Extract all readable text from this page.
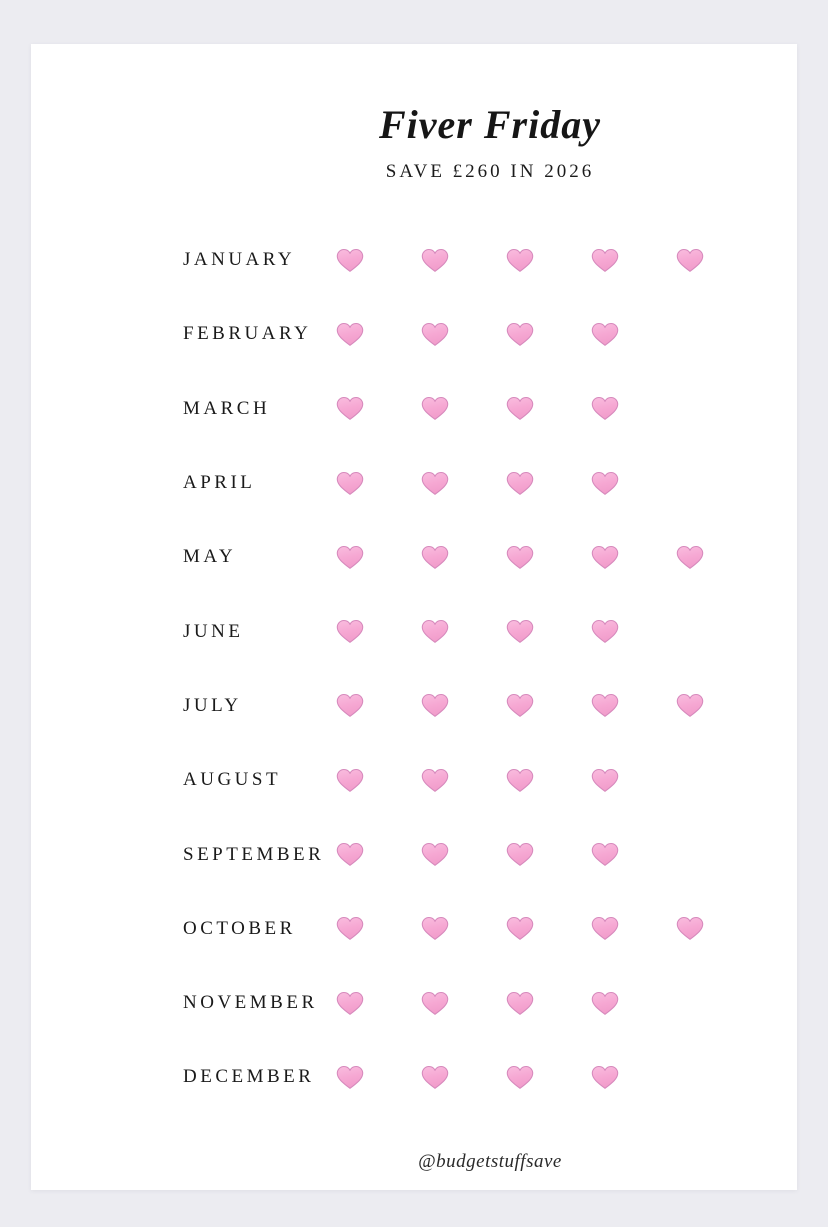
Fiver Friday
SAVE £260 IN 2026
JANUARY
FEBRUARY
MARCH
APRIL
MAY
JUNE
JULY
AUGUST
SEPTEMBER
OCTOBER
NOVEMBER
DECEMBER
@budgetstuffsave
